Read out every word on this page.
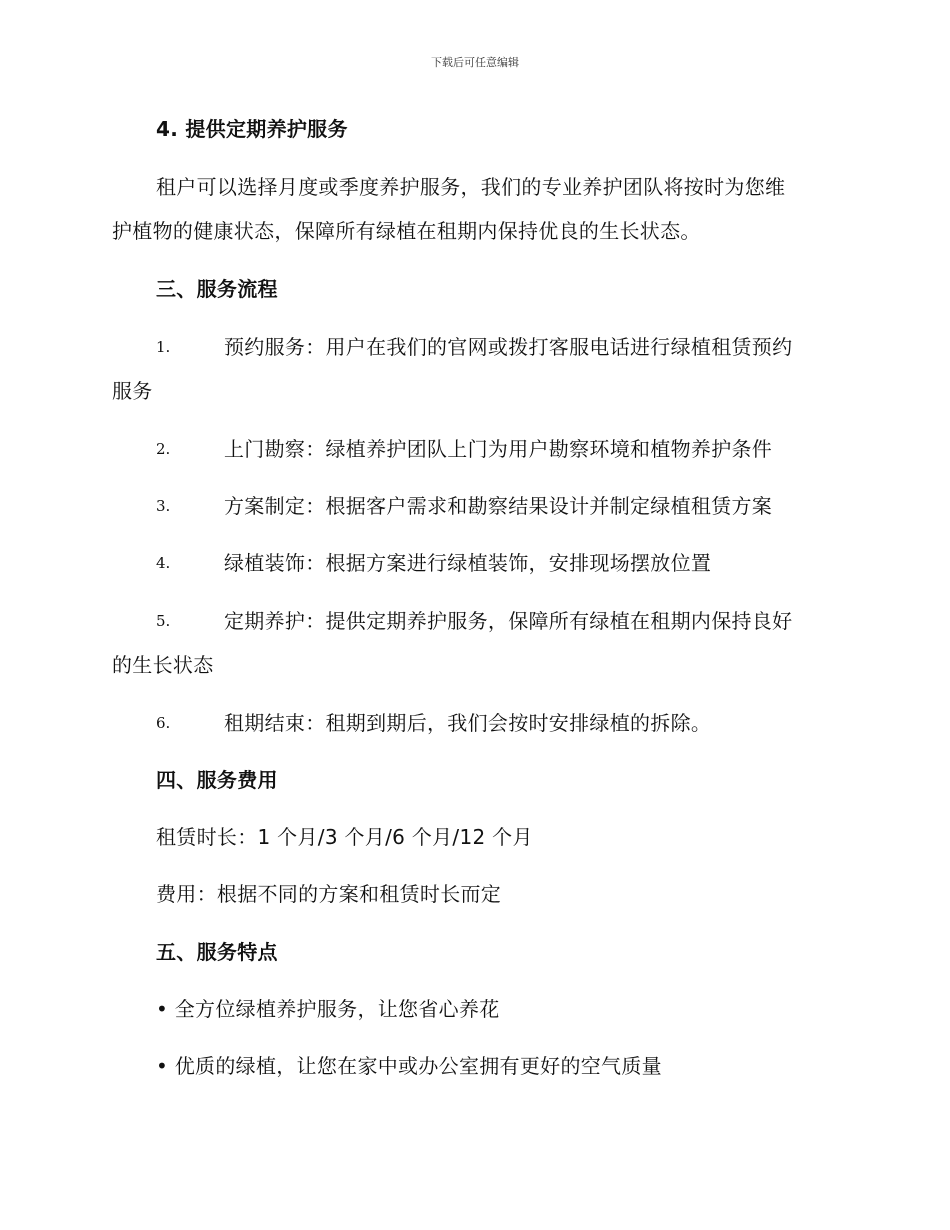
下载后可任意编辑
4. 提供定期养护服务
租户可以选择月度或季度养护服务，我们的专业养护团队将按时为您维
护植物的健康状态，保障所有绿植在租期内保持优良的生长状态。
三、服务流程
1.	预约服务：用户在我们的官网或拨打客服电话进行绿植租赁预约
服务
2.	上门勘察：绿植养护团队上门为用户勘察环境和植物养护条件
3.	方案制定：根据客户需求和勘察结果设计并制定绿植租赁方案
4.	绿植装饰：根据方案进行绿植装饰，安排现场摆放位置
5.	定期养护：提供定期养护服务，保障所有绿植在租期内保持良好
的生长状态
6.	租期结束：租期到期后，我们会按时安排绿植的拆除。
四、服务费用
租赁时长：1 个月/3 个月/6 个月/12 个月
费用：根据不同的方案和租赁时长而定
五、服务特点
• 全方位绿植养护服务，让您省心养花
• 优质的绿植，让您在家中或办公室拥有更好的空气质量
